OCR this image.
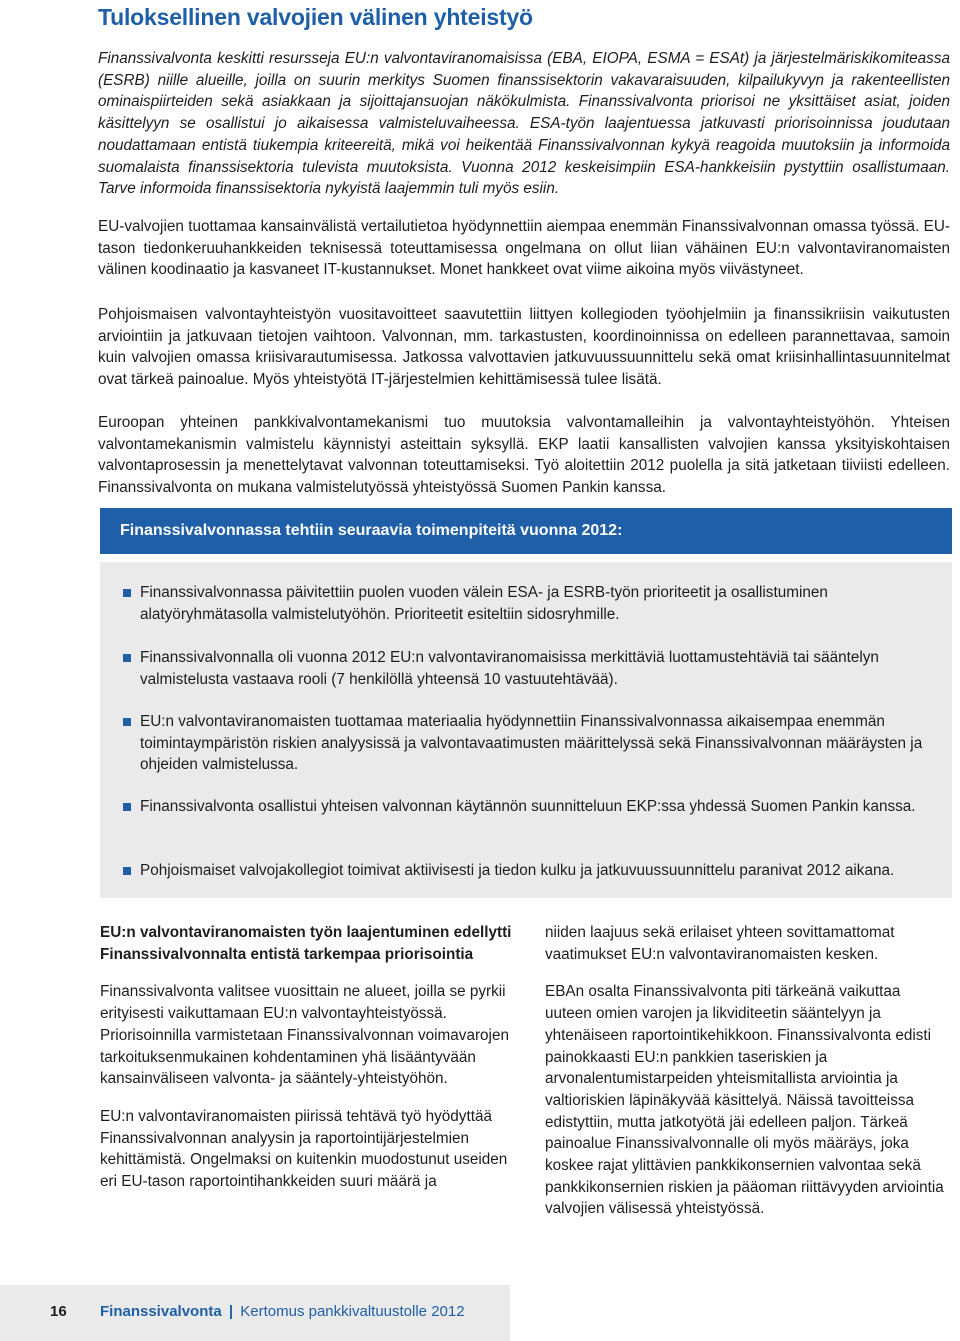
Tuloksellinen valvojien välinen yhteistyö

Finanssivalvonta keskitti resursseja EU:n valvontaviranomaisissa (EBA, EIOPA, ESMA = ESAt) ja järjestelmäriskikomiteassa (ESRB) niille alueille, joilla on suurin merkitys Suomen finanssisektorin vakavaraisuuden, kilpailukyvyn ja rakenteellisten ominaispiirteiden sekä asiakkaan ja sijoittajansuojan näkökulmista. Finanssivalvonta priorisoi ne yksittäiset asiat, joiden käsittelyyn se osallistui jo aikaisessa valmisteluvaiheessa. ESA-työn laajentuessa jatkuvasti priorisoinnissa joudutaan noudattamaan entistä tiukempia kriteereitä, mikä voi heikentää Finanssivalvonnan kykyä reagoida muutoksiin ja informoida suomalaista finanssisektoria tulevista muutoksista. Vuonna 2012 keskeisimpiin ESA-hankkeisiin pystyttiin osallistumaan. Tarve informoida finanssisektoria nykyistä laajemmin tuli myös esiin.

EU-valvojien tuottamaa kansainvälistä vertailutietoa hyödynnettiin aiempaa enemmän Finanssivalvonnan omassa työssä. EU-tason tiedonkeruuhankkeiden teknisessä toteuttamisessa ongelmana on ollut liian vähäinen EU:n valvontaviranomaisten välinen koodinaatio ja kasvaneet IT-kustannukset. Monet hankkeet ovat viime aikoina myös viivästyneet.

Pohjoismaisen valvontayhteistyön vuositavoitteet saavutettiin liittyen kollegioden työohjelmiin ja finanssikriisin vaikutusten arviointiin ja jatkuvaan tietojen vaihtoon. Valvonnan, mm. tarkastusten, koordinoinnissa on edelleen parannettavaa, samoin kuin valvojien omassa kriisivarautumisessa. Jatkossa valvottavien jatkuvuussuunnittelu sekä omat kriisinhallintasuunnitelmat ovat tärkeä painoalue. Myös yhteistyötä IT-järjestelmien kehittämisessä tulee lisätä.

Euroopan yhteinen pankkivalvontamekanismi tuo muutoksia valvontamalleihin ja valvontayhteistyöhön. Yhteisen valvontamekanismin valmistelu käynnistyi asteittain syksyllä. EKP laatii kansallisten valvojien kanssa yksityiskohtaisen valvontaprosessin ja menettelytavat valvonnan toteuttamiseksi. Työ aloitettiin 2012 puolella ja sitä jatketaan tiiviisti edelleen. Finanssivalvonta on mukana valmistelutyössä yhteistyössä Suomen Pankin kanssa.

Finanssivalvonnassa tehtiin seuraavia toimenpiteitä vuonna 2012:
Finanssivalvonnassa päivitettiin puolen vuoden välein ESA- ja ESRB-työn prioriteetit ja osallistuminen alatyöryhmätasolla valmistelutyöhön. Prioriteetit esiteltiin sidosryhmille.
Finanssivalvonnalla oli vuonna 2012 EU:n valvontaviranomaisissa merkittäviä luottamustehtäviä tai sääntelyn valmistelusta vastaava rooli (7 henkilöllä yhteensä 10 vastuutehtävää).
EU:n valvontaviranomaisten tuottamaa materiaalia hyödynnettiin Finanssivalvonnassa aikaisempaa enemmän toimintaympäristön riskien analyysissä ja valvontavaatimusten määrittelyssä sekä Finanssivalvonnan määräysten ja ohjeiden valmistelussa.
Finanssivalvonta osallistui yhteisen valvonnan käytännön suunnitteluun EKP:ssa yhdessä Suomen Pankin kanssa.
Pohjoismaiset valvojakollegiot toimivat aktiivisesti ja tiedon kulku ja jatkuvuussuunnittelu paranivat 2012 aikana.

EU:n valvontaviranomaisten työn laajentuminen edellytti Finanssivalvonnalta entistä tarkempaa priorisointia

Finanssivalvonta valitsee vuosittain ne alueet, joilla se pyrkii erityisesti vaikuttamaan EU:n valvontayhteistyössä. Priorisoinnilla varmistetaan Finanssivalvonnan voimavarojen tarkoituksenmukainen kohdentaminen yhä lisääntyvään kansainväliseen valvonta- ja sääntely-yhteistyöhön.

EU:n valvontaviranomaisten piirissä tehtävä työ hyödyttää Finanssivalvonnan analyysin ja raportointijärjestelmien kehittämistä. Ongelmaksi on kuitenkin muodostunut useiden eri EU-tason raportointihankkeiden suuri määrä ja

niiden laajuus sekä erilaiset yhteen sovittamattomat vaatimukset EU:n valvontaviranomaisten kesken.

EBAn osalta Finanssivalvonta piti tärkeänä vaikuttaa uuteen omien varojen ja likviditeetin sääntelyyn ja yhtenäiseen raportointikehikkoon. Finanssivalvonta edisti painokkaasti EU:n pankkien taseriskien ja arvonalentumistarpeiden yhteismitallista arviointia ja valtioriskien läpinäkyvää käsittelyä. Näissä tavoitteissa edistyttiin, mutta jatkotyötä jäi edelleen paljon. Tärkeä painoalue Finanssivalvonnalle oli myös määräys, joka koskee rajat ylittävien pankkikonsernien valvontaa sekä pankkikonsernien riskien ja pääoman riittävyyden arviointia valvojien välisessä yhteistyössä.

16 Finanssivalvonta | Kertomus pankkivaltuustolle 2012
